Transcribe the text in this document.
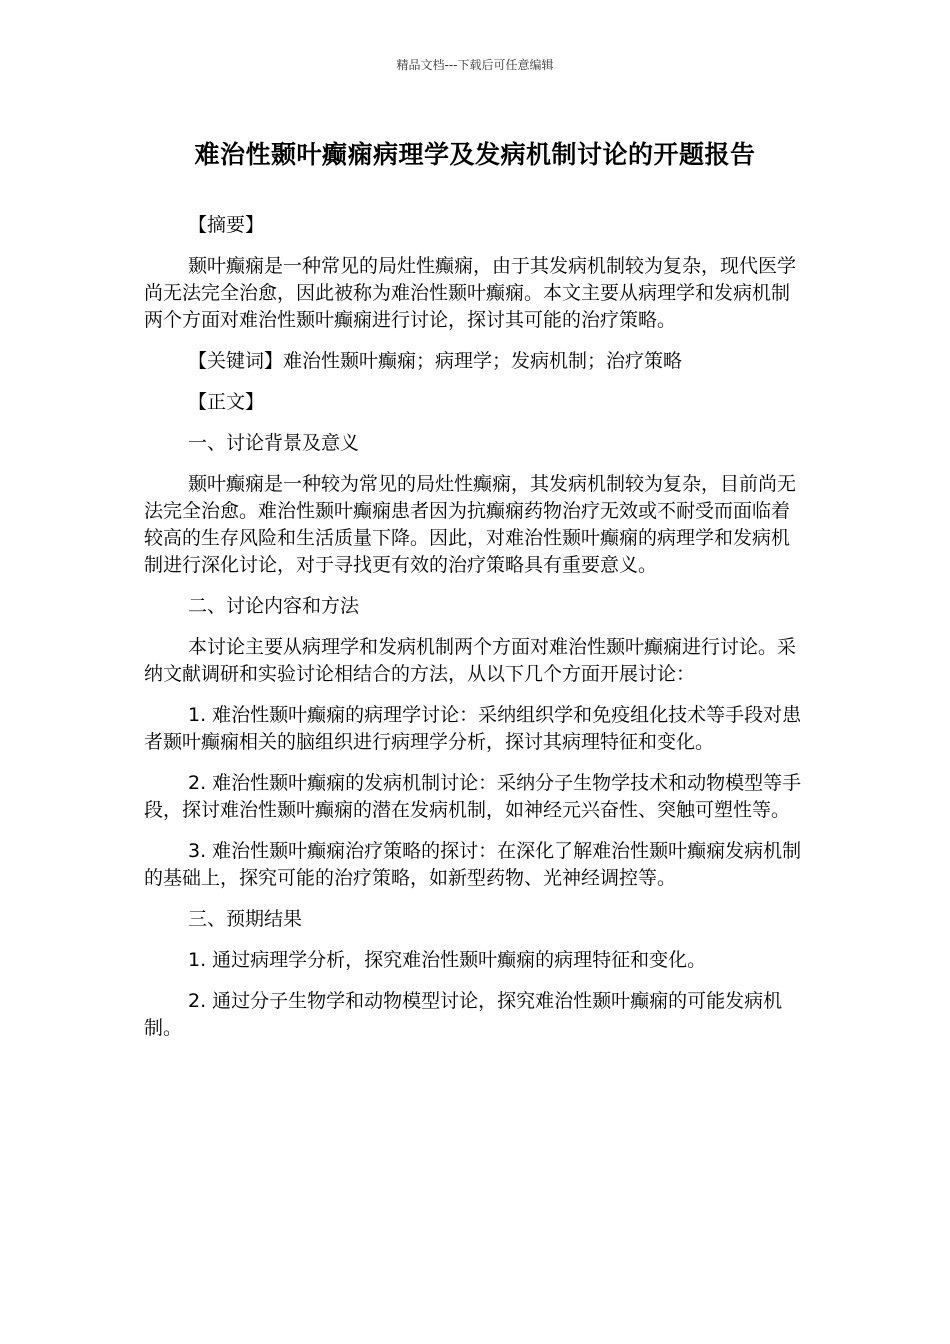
精品文档---下载后可任意编辑
难治性颞叶癫痫病理学及发病机制讨论的开题报告

【摘要】

颞叶癫痫是一种常见的局灶性癫痫，由于其发病机制较为复杂，现代医学尚无法完全治愈，因此被称为难治性颞叶癫痫。本文主要从病理学和发病机制两个方面对难治性颞叶癫痫进行讨论，探讨其可能的治疗策略。

【关键词】难治性颞叶癫痫；病理学；发病机制；治疗策略

【正文】

一、讨论背景及意义

颞叶癫痫是一种较为常见的局灶性癫痫，其发病机制较为复杂，目前尚无法完全治愈。难治性颞叶癫痫患者因为抗癫痫药物治疗无效或不耐受而面临着较高的生存风险和生活质量下降。因此，对难治性颞叶癫痫的病理学和发病机制进行深化讨论，对于寻找更有效的治疗策略具有重要意义。

二、讨论内容和方法

本讨论主要从病理学和发病机制两个方面对难治性颞叶癫痫进行讨论。采纳文献调研和实验讨论相结合的方法，从以下几个方面开展讨论：

1. 难治性颞叶癫痫的病理学讨论：采纳组织学和免疫组化技术等手段对患者颞叶癫痫相关的脑组织进行病理学分析，探讨其病理特征和变化。

2. 难治性颞叶癫痫的发病机制讨论：采纳分子生物学技术和动物模型等手段，探讨难治性颞叶癫痫的潜在发病机制，如神经元兴奋性、突触可塑性等。

3. 难治性颞叶癫痫治疗策略的探讨：在深化了解难治性颞叶癫痫发病机制的基础上，探究可能的治疗策略，如新型药物、光神经调控等。

三、预期结果

1. 通过病理学分析，探究难治性颞叶癫痫的病理特征和变化。

2. 通过分子生物学和动物模型讨论，探究难治性颞叶癫痫的可能发病机制。
